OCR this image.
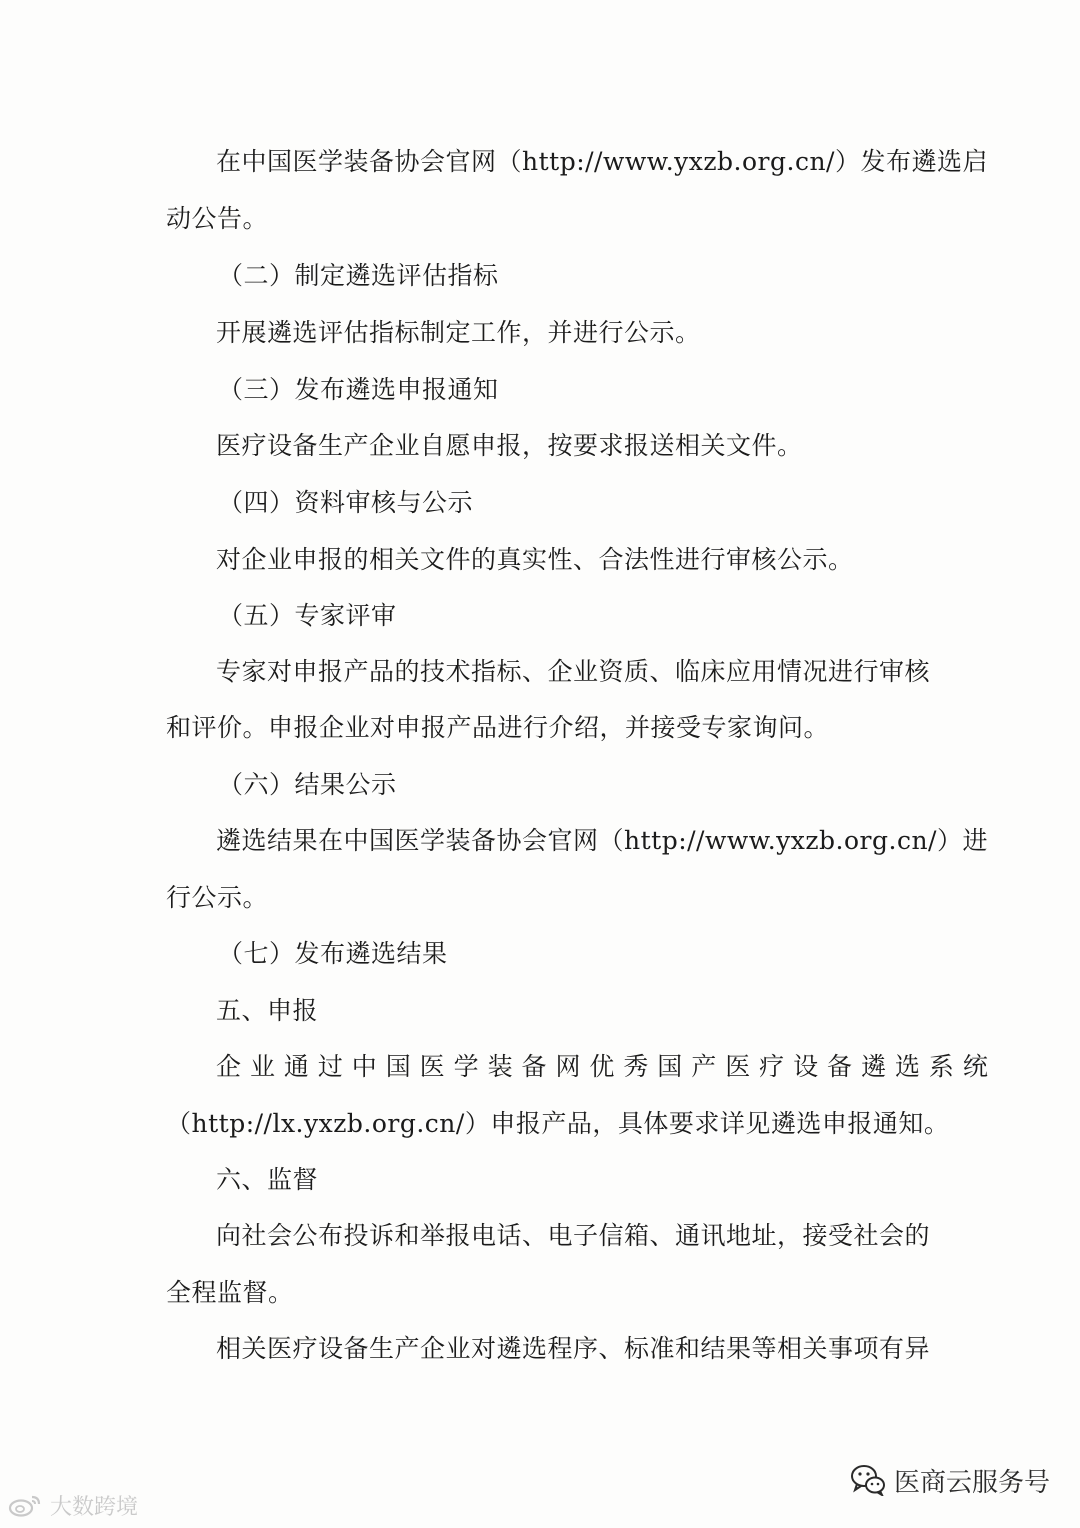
在中国医学装备协会官网（http://www.yxzb.org.cn/）发布遴选启
动公告。
（二）制定遴选评估指标
开展遴选评估指标制定工作，并进行公示。
（三）发布遴选申报通知
医疗设备生产企业自愿申报，按要求报送相关文件。
（四）资料审核与公示
对企业申报的相关文件的真实性、合法性进行审核公示。
（五）专家评审
专家对申报产品的技术指标、企业资质、临床应用情况进行审核
和评价。申报企业对申报产品进行介绍，并接受专家询问。
（六）结果公示
遴选结果在中国医学装备协会官网（http://www.yxzb.org.cn/）进
行公示。
（七）发布遴选结果
五、申报
企 业 通 过 中 国 医 学 装 备 网 优 秀 国 产 医 疗 设 备 遴 选 系 统
（http://lx.yxzb.org.cn/）申报产品，具体要求详见遴选申报通知。
六、监督
向社会公布投诉和举报电话、电子信箱、通讯地址，接受社会的
全程监督。
相关医疗设备生产企业对遴选程序、标准和结果等相关事项有异
大数跨境
医商云服务号
